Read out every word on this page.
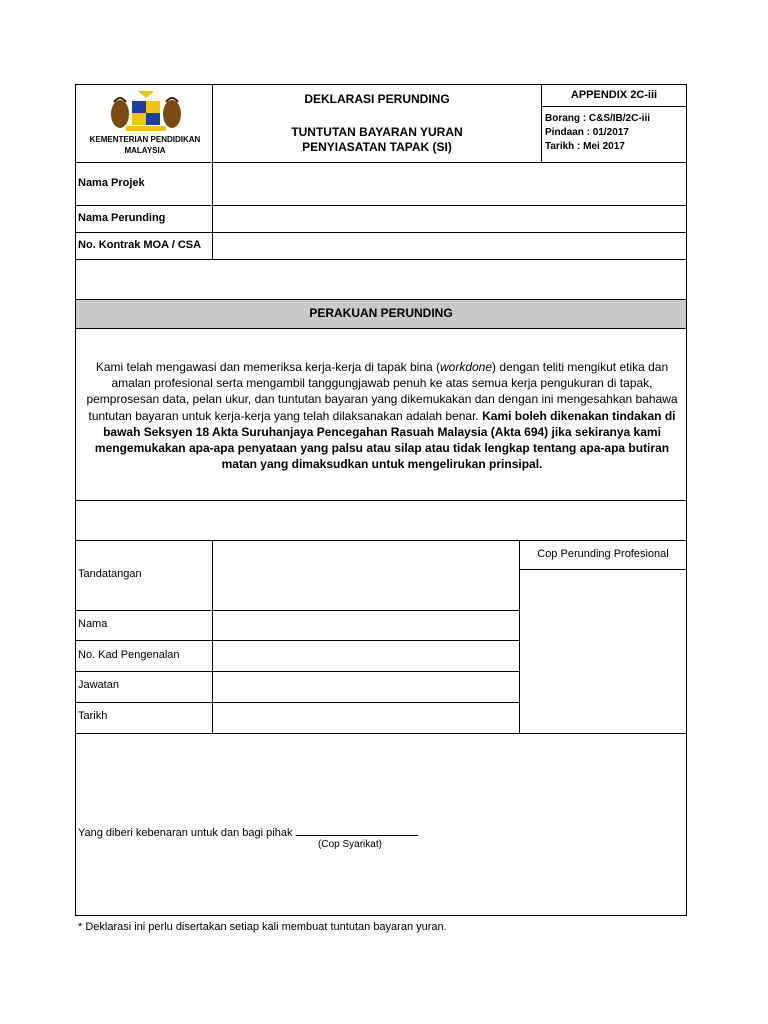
KEMENTERIAN PENDIDIKAN
MALAYSIA
DEKLARASI PERUNDING
TUNTUTAN BAYARAN YURAN
PENYIASATAN TAPAK (SI)
APPENDIX 2C-iii
Borang : C&S/IB/2C-iii
Pindaan : 01/2017
Tarikh : Mei 2017
Nama Projek
Nama Perunding
No. Kontrak MOA / CSA
PERAKUAN PERUNDING
Kami telah mengawasi dan memeriksa kerja-kerja di tapak bina (workdone) dengan teliti mengikut etika dan amalan profesional serta mengambil tanggungjawab penuh ke atas semua kerja pengukuran di tapak, pemprosesan data, pelan ukur, dan tuntutan bayaran yang dikemukakan dan dengan ini mengesahkan bahawa tuntutan bayaran untuk kerja-kerja yang telah dilaksanakan adalah benar. Kami boleh dikenakan tindakan di bawah Seksyen 18 Akta Suruhanjaya Pencegahan Rasuah Malaysia (Akta 694) jika sekiranya kami mengemukakan apa-apa penyataan yang palsu atau silap atau tidak lengkap tentang apa-apa butiran matan yang dimaksudkan untuk mengelirukan prinsipal.
Tandatangan
Nama
No. Kad Pengenalan
Jawatan
Tarikh
Cop Perunding Profesional
Yang diberi kebenaran untuk dan bagi pihak
(Cop Syarikat)
* Deklarasi ini perlu disertakan setiap kali membuat tuntutan bayaran yuran.
